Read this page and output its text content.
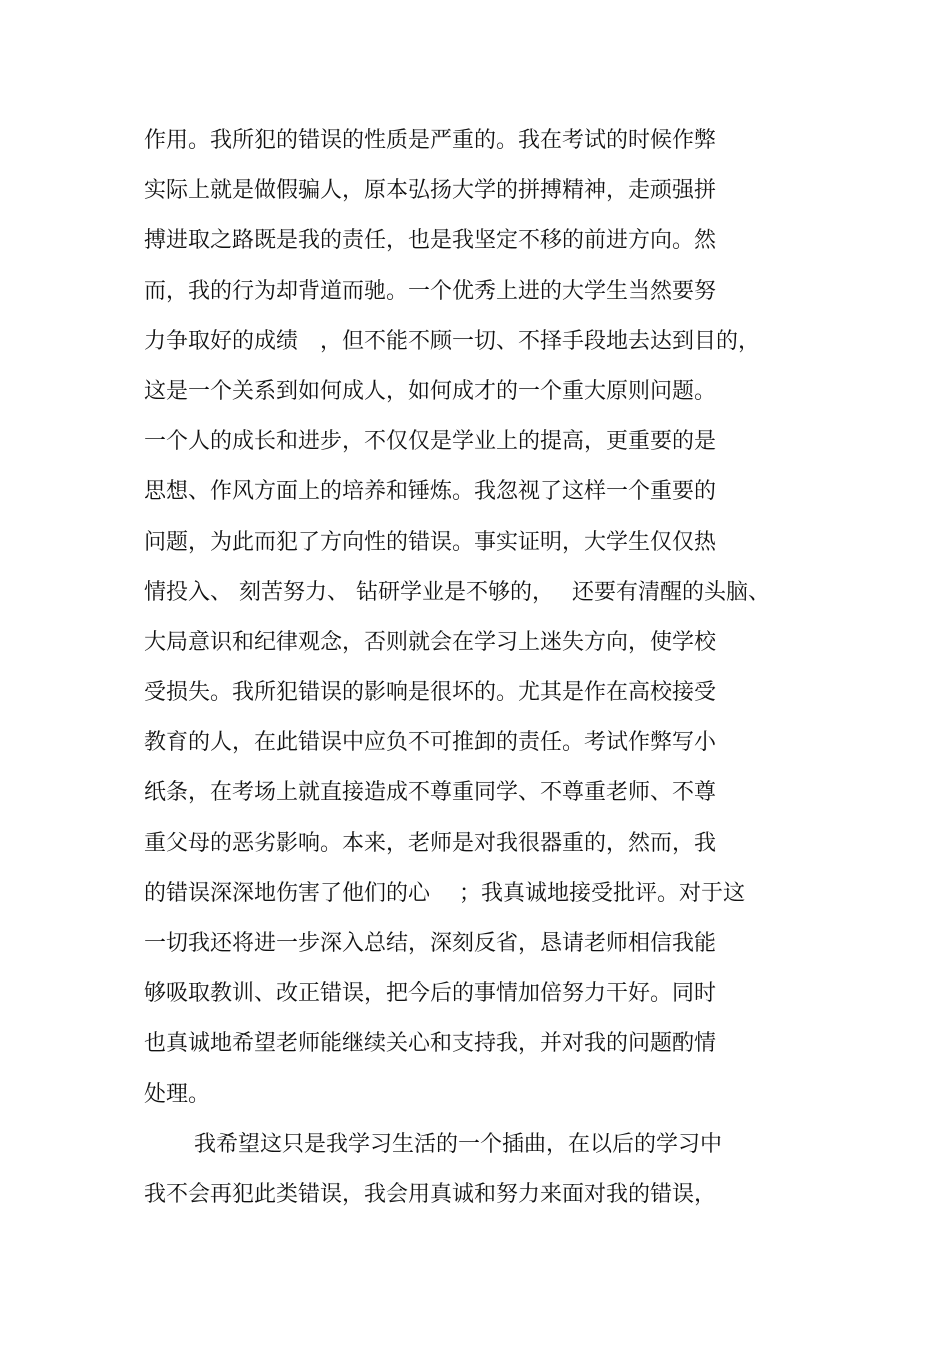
作用。我所犯的错误的性质是严重的。我在考试的时候作弊
实际上就是做假骗人，原本弘扬大学的拼搏精神，走顽强拼
搏进取之路既是我的责任，也是我坚定不移的前进方向。然
而，我的行为却背道而驰。一个优秀上进的大学生当然要努
力争取好的成绩　，但不能不顾一切、不择手段地去达到目的，
这是一个关系到如何成人，如何成才的一个重大原则问题。
一个人的成长和进步，不仅仅是学业上的提高，更重要的是
思想、作风方面上的培养和锤炼。我忽视了这样一个重要的
问题，为此而犯了方向性的错误。事实证明，大学生仅仅热
情投入、 刻苦努力、 钻研学业是不够的，　 还要有清醒的头脑、
大局意识和纪律观念，否则就会在学习上迷失方向，使学校
受损失。我所犯错误的影响是很坏的。尤其是作在高校接受
教育的人，在此错误中应负不可推卸的责任。考试作弊写小
纸条，在考场上就直接造成不尊重同学、不尊重老师、不尊
重父母的恶劣影响。本来，老师是对我很器重的，然而，我
的错误深深地伤害了他们的心　 ；我真诚地接受批评。对于这
一切我还将进一步深入总结，深刻反省，恳请老师相信我能
够吸取教训、改正错误，把今后的事情加倍努力干好。同时
也真诚地希望老师能继续关心和支持我，并对我的问题酌情
处理。
我希望这只是我学习生活的一个插曲，在以后的学习中
我不会再犯此类错误，我会用真诚和努力来面对我的错误，
